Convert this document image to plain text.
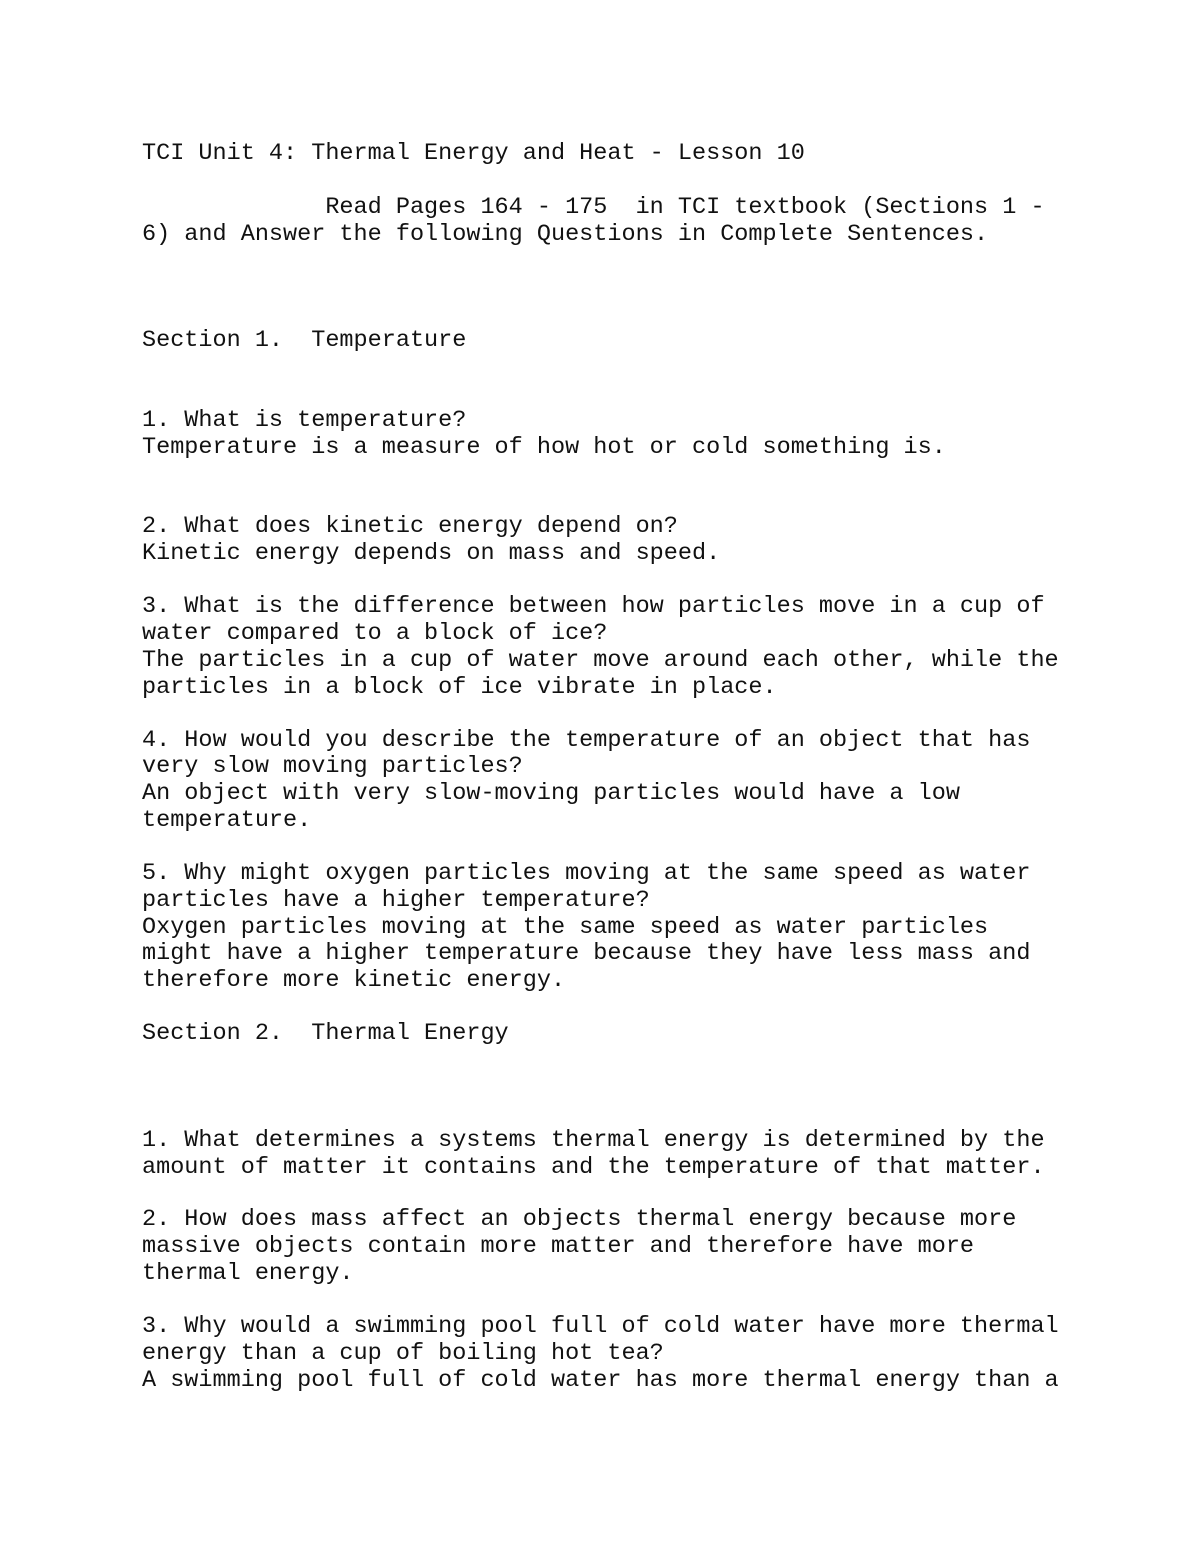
TCI Unit 4: Thermal Energy and Heat - Lesson 10

Read Pages 164 - 175  in TCI textbook (Sections 1 -

6) and Answer the following Questions in Complete Sentences.

Section 1.  Temperature

1. What is temperature?

Temperature is a measure of how hot or cold something is.

2. What does kinetic energy depend on?

Kinetic energy depends on mass and speed.

3. What is the difference between how particles move in a cup of

water compared to a block of ice?

The particles in a cup of water move around each other, while the

particles in a block of ice vibrate in place.

4. How would you describe the temperature of an object that has

very slow moving particles?

An object with very slow-moving particles would have a low

temperature.

5. Why might oxygen particles moving at the same speed as water

particles have a higher temperature?

Oxygen particles moving at the same speed as water particles

might have a higher temperature because they have less mass and

therefore more kinetic energy.

Section 2.  Thermal Energy

1. What determines a systems thermal energy is determined by the

amount of matter it contains and the temperature of that matter.

2. How does mass affect an objects thermal energy because more

massive objects contain more matter and therefore have more

thermal energy.

3. Why would a swimming pool full of cold water have more thermal

energy than a cup of boiling hot tea?

A swimming pool full of cold water has more thermal energy than a
